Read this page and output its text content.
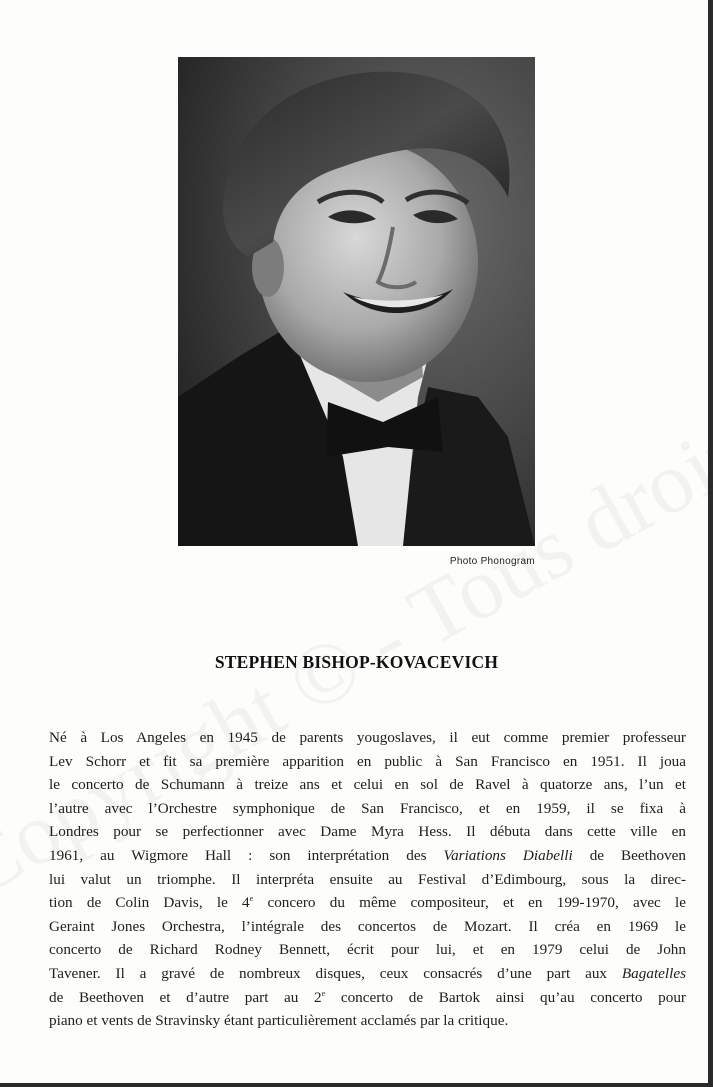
Photo Phonogram
STEPHEN BISHOP-KOVACEVICH
Né à Los Angeles en 1945 de parents yougoslaves, il eut comme premier professeur
Lev Schorr et fit sa première apparition en public à San Francisco en 1951. Il joua
le concerto de Schumann à treize ans et celui en sol de Ravel à quatorze ans, l’un et
l’autre avec l’Orchestre symphonique de San Francisco, et en 1959, il se fixa à
Londres pour se perfectionner avec Dame Myra Hess. Il débuta dans cette ville en
1961, au Wigmore Hall : son interprétation des Variations Diabelli de Beethoven
lui valut un triomphe. Il interpréta ensuite au Festival d’Edimbourg, sous la direc-
tion de Colin Davis, le 4e concero du même compositeur, et en 199-1970, avec le
Geraint Jones Orchestra, l’intégrale des concertos de Mozart. Il créa en 1969 le
concerto de Richard Rodney Bennett, écrit pour lui, et en 1979 celui de John
Tavener. Il a gravé de nombreux disques, ceux consacrés d’une part aux Bagatelles
de Beethoven et d’autre part au 2e concerto de Bartok ainsi qu’au concerto pour
piano et vents de Stravinsky étant particulièrement acclamés par la critique.
